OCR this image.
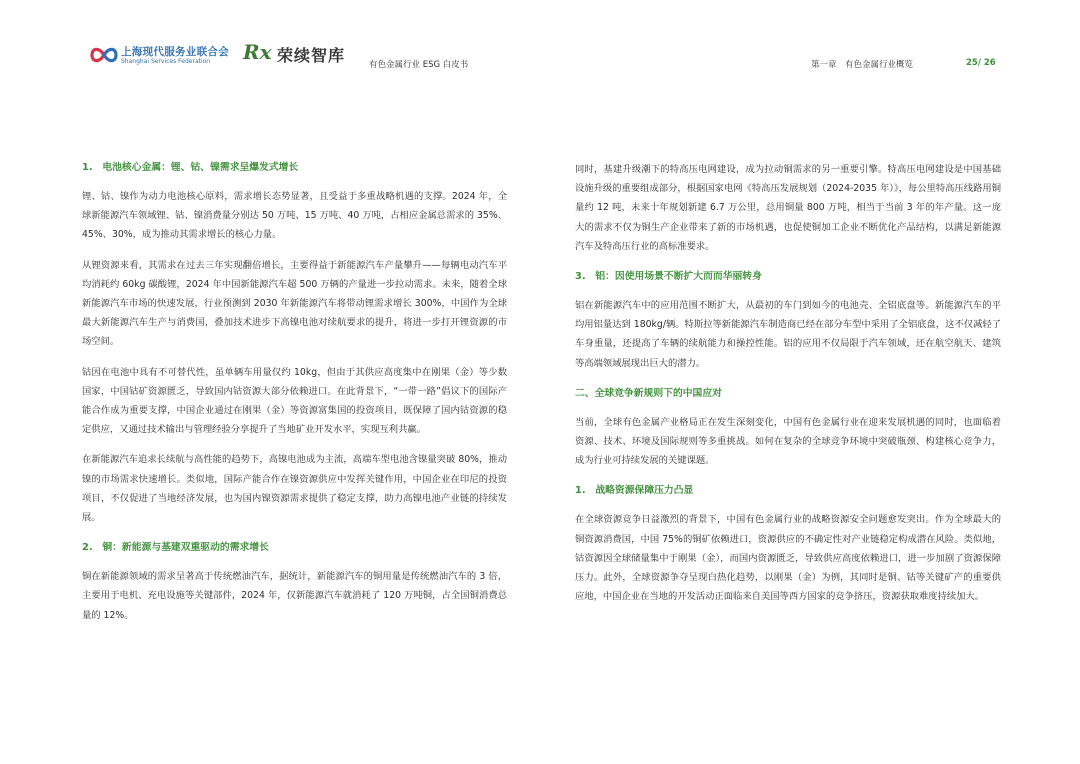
上海现代服务业联合会
Shanghai Services Federation Rx 荣续智库	有色金属行业 ESG 白皮书	第一章　有色金属行业概览	25/ 26
1.　电池核心金属：锂、钴、镍需求呈爆发式增长

锂、钴、镍作为动力电池核心原料，需求增长态势显著，且受益于多重战略机遇的支撑。2024 年，全球新能源汽车领域锂、钴、镍消费量分别达 50 万吨、15 万吨、40 万吨，占相应金属总需求的 35%、45%、30%，成为推动其需求增长的核心力量。

从锂资源来看，其需求在过去三年实现翻倍增长，主要得益于新能源汽车产量攀升——每辆电动汽车平均消耗约 60kg 碳酸锂，2024 年中国新能源汽车超 500 万辆的产量进一步拉动需求。未来，随着全球新能源汽车市场的快速发展，行业预测到 2030 年新能源汽车将带动锂需求增长 300%，中国作为全球最大新能源汽车生产与消费国，叠加技术进步下高镍电池对续航要求的提升，将进一步打开锂资源的市场空间。

钴因在电池中具有不可替代性，虽单辆车用量仅约 10kg，但由于其供应高度集中在刚果（金）等少数国家，中国钴矿资源匮乏，导致国内钴资源大部分依赖进口。在此背景下，“一带一路”倡议下的国际产能合作成为重要支撑，中国企业通过在刚果（金）等资源富集国的投资项目，既保障了国内钴资源的稳定供应，又通过技术输出与管理经验分享提升了当地矿业开发水平，实现互利共赢。

在新能源汽车追求长续航与高性能的趋势下，高镍电池成为主流，高端车型电池含镍量突破 80%，推动镍的市场需求快速增长。类似地，国际产能合作在镍资源供应中发挥关键作用，中国企业在印尼的投资项目，不仅促进了当地经济发展，也为国内镍资源需求提供了稳定支撑，助力高镍电池产业链的持续发展。

2.　铜：新能源与基建双重驱动的需求增长

铜在新能源领域的需求呈著高于传统燃油汽车，据统计，新能源汽车的铜用量是传统燃油汽车的 3 倍，主要用于电机、充电设施等关键部件，2024 年，仅新能源汽车就消耗了 120 万吨铜，占全国铜消费总量的 12%。

同时，基建升级潮下的特高压电网建设，成为拉动铜需求的另一重要引擎。特高压电网建设是中国基础设施升级的重要组成部分，根据国家电网《特高压发展规划（2024-2035 年）》，每公里特高压线路用铜量约 12 吨，未来十年规划新建 6.7 万公里，总用铜量 800 万吨，相当于当前 3 年的年产量。这一庞大的需求不仅为铜生产企业带来了新的市场机遇，也促使铜加工企业不断优化产品结构，以满足新能源汽车及特高压行业的高标准要求。

3.　铝：因使用场景不断扩大而而华丽转身

铝在新能源汽车中的应用范围不断扩大，从最初的车门到如今的电池壳、全铝底盘等。新能源汽车的平均用铝量达到 180kg/辆。特斯拉等新能源汽车制造商已经在部分车型中采用了全铝底盘，这不仅减轻了车身重量，还提高了车辆的续航能力和操控性能。铝的应用不仅局限于汽车领域，还在航空航天、建筑等高端领域展现出巨大的潜力。

二、全球竞争新规则下的中国应对

当前，全球有色金属产业格局正在发生深刻变化，中国有色金属行业在迎来发展机遇的同时，也面临着资源、技术、环境及国际规则等多重挑战。如何在复杂的全球竞争环境中突破瓶颈、构建核心竞争力，成为行业可持续发展的关键课题。

1.　战略资源保障压力凸显

在全球资源竞争日益激烈的背景下，中国有色金属行业的战略资源安全问题愈发突出。作为全球最大的铜资源消费国，中国 75%的铜矿依赖进口，资源供应的不确定性对产业链稳定构成潜在风险。类似地，钴资源因全球储量集中于刚果（金），而国内资源匮乏，导致供应高度依赖进口，进一步加剧了资源保障压力。此外，全球资源争夺呈现白热化趋势，以刚果（金）为例，其同时是铜、钴等关键矿产的重要供应地，中国企业在当地的开发活动正面临来自美国等西方国家的竞争挤压，资源获取难度持续加大。
